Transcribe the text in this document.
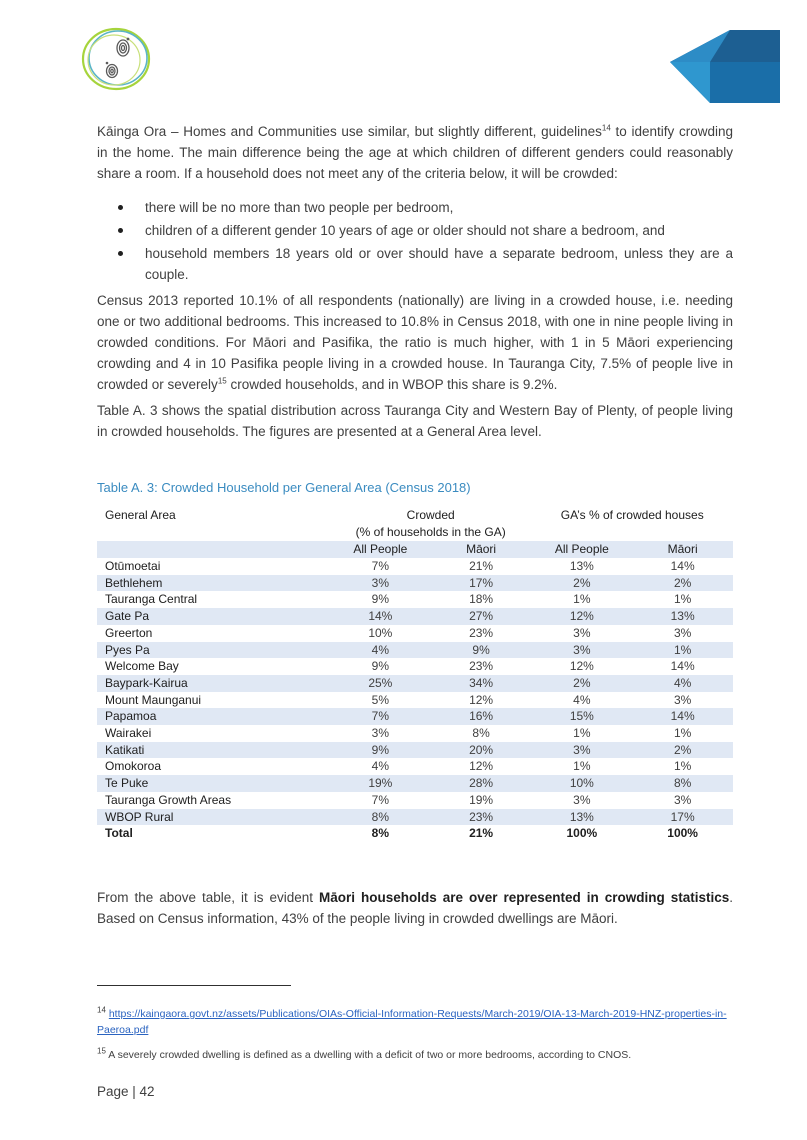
Kāinga Ora – Homes and Communities use similar, but slightly different, guidelines$^{14}$ to identify crowding in the home. The main difference being the age at which children of different genders could reasonably share a room. If a household does not meet any of the criteria below, it will be crowded:
there will be no more than two people per bedroom,
children of a different gender 10 years of age or older should not share a bedroom, and
household members 18 years old or over should have a separate bedroom, unless they are a couple.
Census 2013 reported 10.1% of all respondents (nationally) are living in a crowded house, i.e. needing one or two additional bedrooms. This increased to 10.8% in Census 2018, with one in nine people living in crowded conditions. For Māori and Pasifika, the ratio is much higher, with 1 in 5 Māori experiencing crowding and 4 in 10 Pasifika people living in a crowded house. In Tauranga City, 7.5% of people live in crowded or severely$^{15}$ crowded households, and in WBOP this share is 9.2%.
Table A. 3 shows the spatial distribution across Tauranga City and Western Bay of Plenty, of people living in crowded households. The figures are presented at a General Area level.
Table A. 3: Crowded Household per General Area (Census 2018)
General Area	Crowded		GA’s % of crowded houses	
	(% of households in the GA)			
	All People	Māori	All People	Māori
Otūmoetai	7%	21%	13%	14%
Bethlehem	3%	17%	2%	2%
Tauranga Central	9%	18%	1%	1%
Gate Pa	14%	27%	12%	13%
Greerton	10%	23%	3%	3%
Pyes Pa	4%	9%	3%	1%
Welcome Bay	9%	23%	12%	14%
Baypark-Kairua	25%	34%	2%	4%
Mount Maunganui	5%	12%	4%	3%
Papamoa	7%	16%	15%	14%
Wairakei	3%	8%	1%	1%
Katikati	9%	20%	3%	2%
Omokoroa	4%	12%	1%	1%
Te Puke	19%	28%	10%	8%
Tauranga Growth Areas	7%	19%	3%	3%
WBOP Rural	8%	23%	13%	17%
Total	8%	21%	100%	100%
From the above table, it is evident Māori households are over represented in crowding statistics. Based on Census information, 43% of the people living in crowded dwellings are Māori.
$^{14}$ https://kaingaora.govt.nz/assets/Publications/OIAs-Official-Information-Requests/March-2019/OIA-13-March-2019-HNZ-properties-in-Paeroa.pdf
$^{15}$ A severely crowded dwelling is defined as a dwelling with a deficit of two or more bedrooms, according to CNOS.
Page | 42
